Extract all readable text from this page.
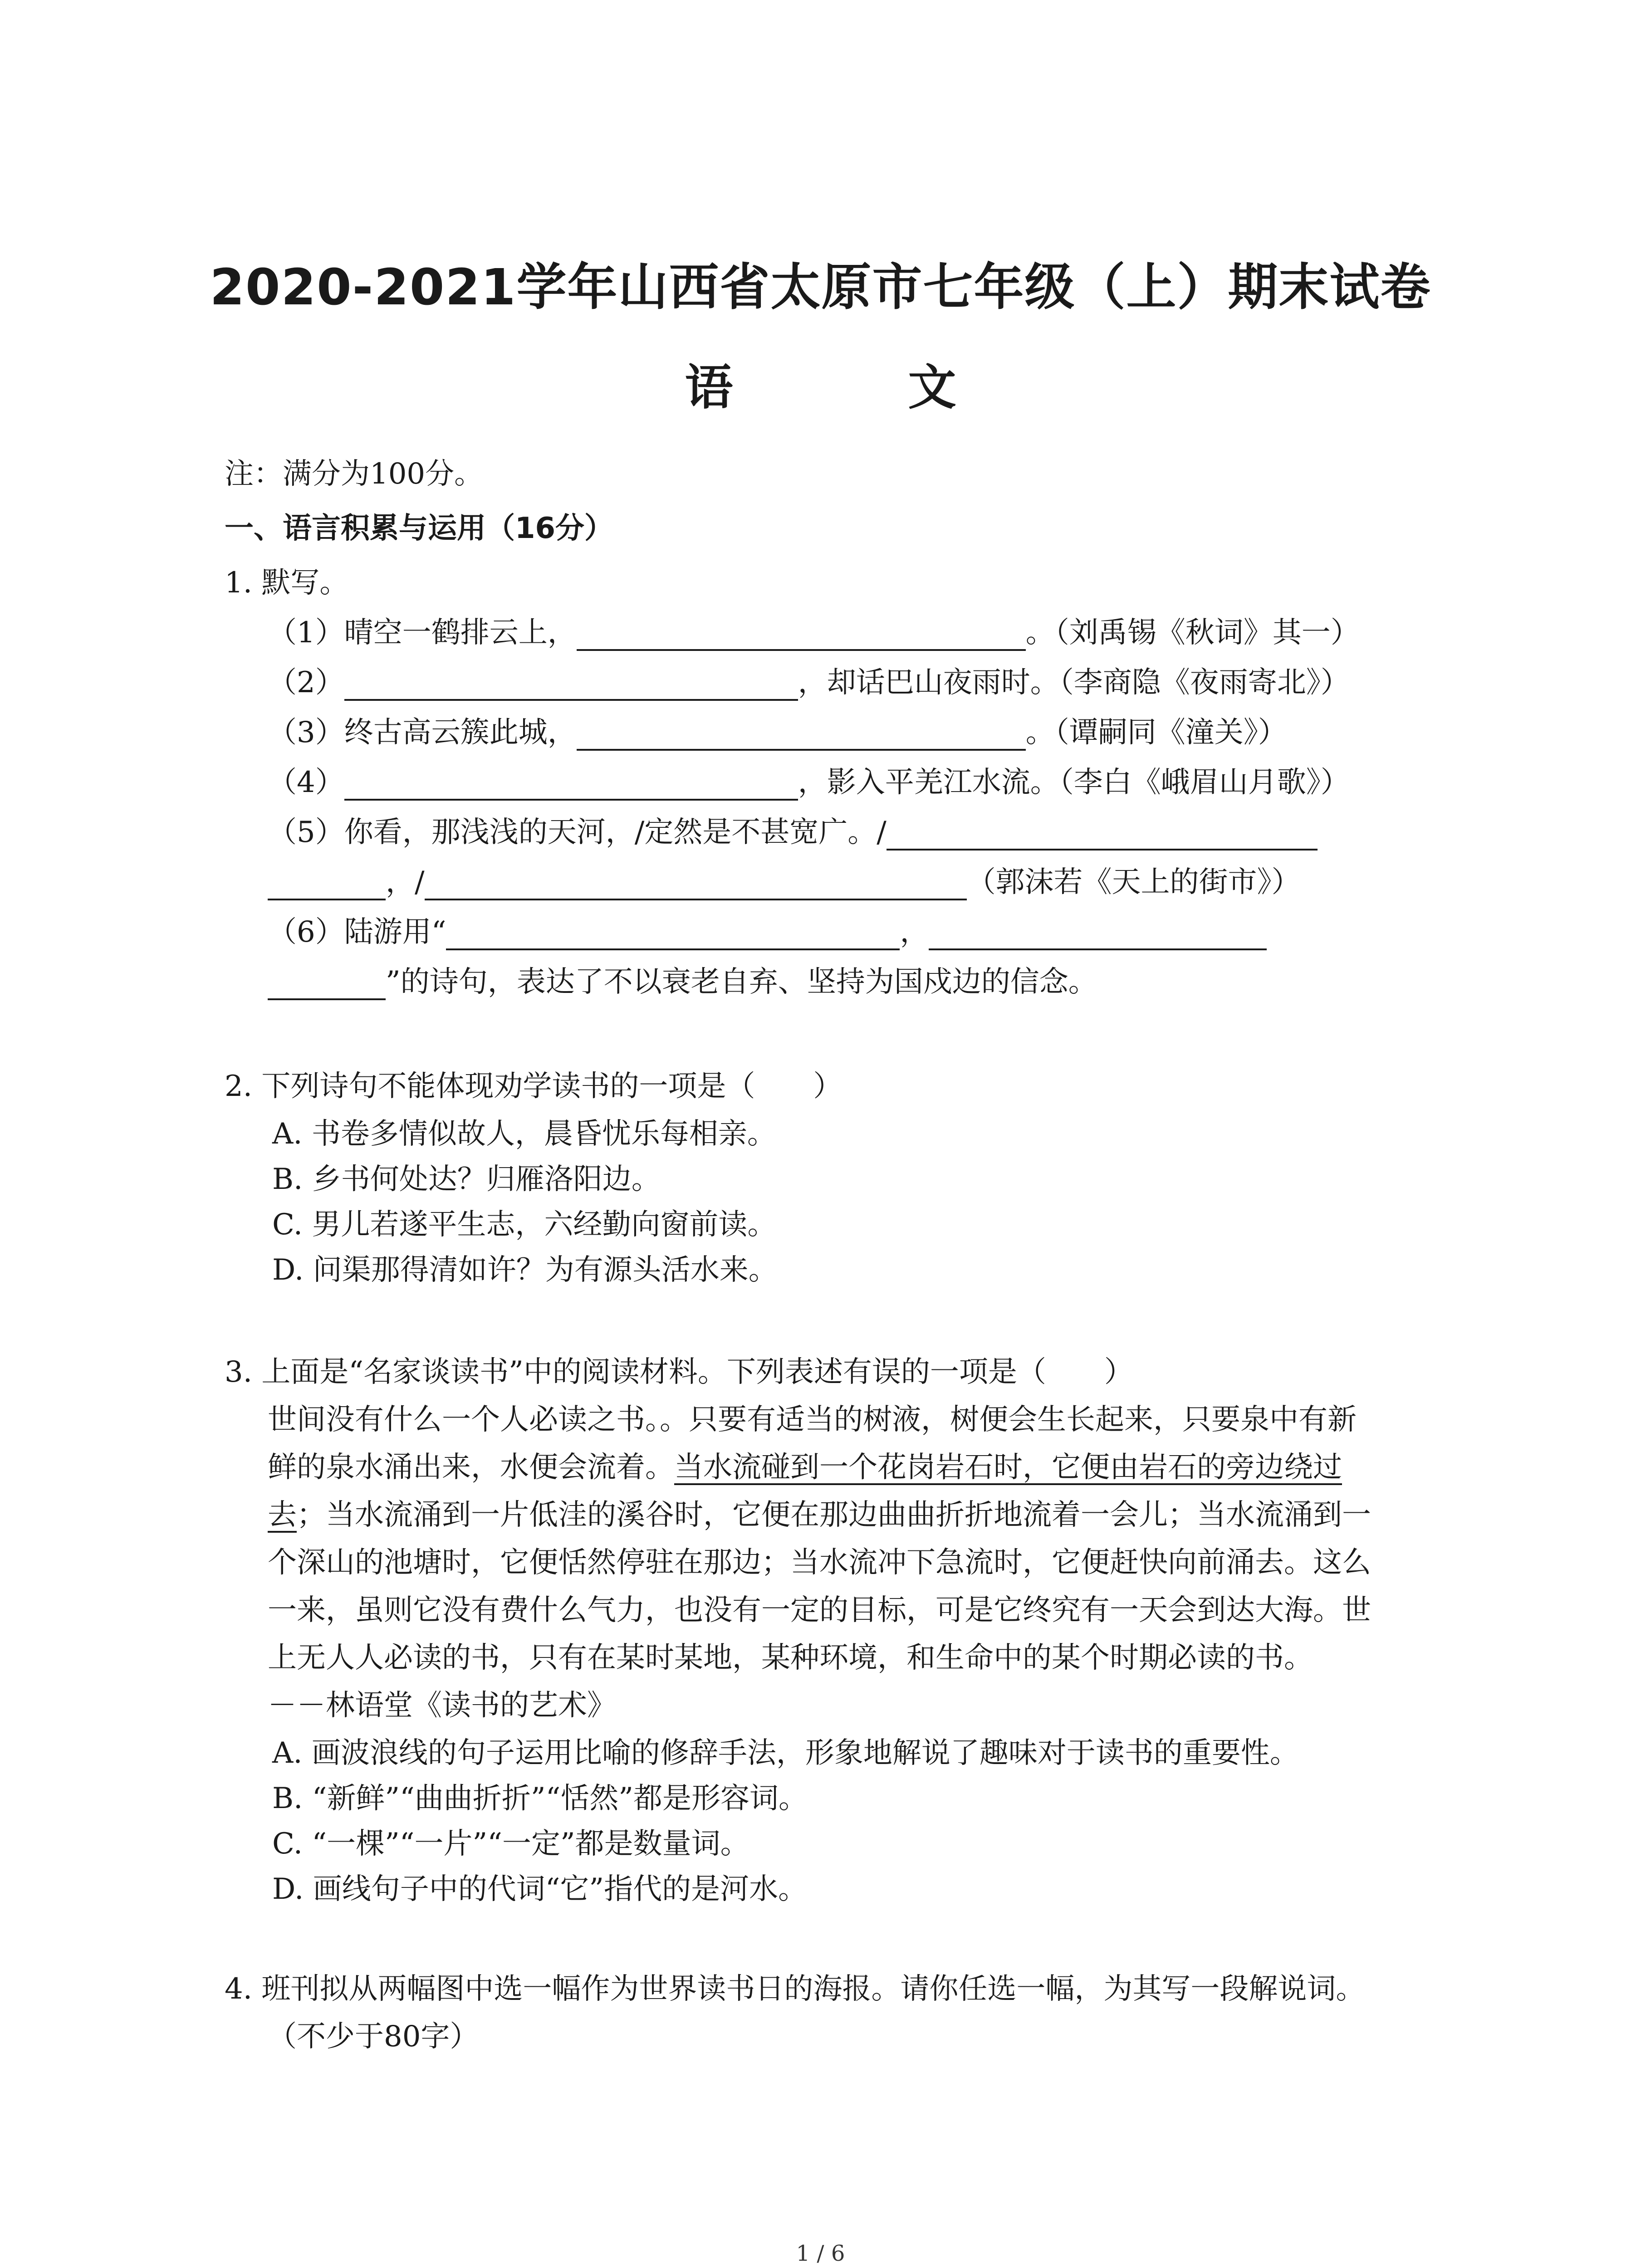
2020-2021学年山西省太原市七年级（上）期末试卷
语　文
注：满分为100分。
一、语言积累与运用（16分）
1. 默写。
（1）晴空一鹤排云上，	。（刘禹锡《秋词》其一）
（2）	，却话巴山夜雨时。（李商隐《夜雨寄北》）
（3）终古高云簇此城，	。（谭嗣同《潼关》）
（4）	，影入平羌江水流。（李白《峨眉山月歌》）
（5）你看，那浅浅的天河，/定然是不甚宽广。/
，/	（郭沫若《天上的街市》）
（6）陆游用“	，
”的诗句，表达了不以衰老自弃、坚持为国戍边的信念。
2. 下列诗句不能体现劝学读书的一项是（　　）
A. 书卷多情似故人，晨昏忧乐每相亲。
B. 乡书何处达？归雁洛阳边。
C. 男儿若遂平生志，六经勤向窗前读。
D. 问渠那得清如许？为有源头活水来。
3. 上面是“名家谈读书”中的阅读材料。下列表述有误的一项是（　　）
世间没有什么一个人必读之书。。只要有适当的树液，树便会生长起来，只要泉中有新
鲜的泉水涌出来，水便会流着。当水流碰到一个花岗岩石时，它便由岩石的旁边绕过
去；当水流涌到一片低洼的溪谷时，它便在那边曲曲折折地流着一会儿；当水流涌到一
个深山的池塘时，它便恬然停驻在那边；当水流冲下急流时，它便赶快向前涌去。这么
一来，虽则它没有费什么气力，也没有一定的目标，可是它终究有一天会到达大海。世
上无人人必读的书，只有在某时某地，某种环境，和生命中的某个时期必读的书。
－－林语堂《读书的艺术》
A. 画波浪线的句子运用比喻的修辞手法，形象地解说了趣味对于读书的重要性。
B. “新鲜”“曲曲折折”“恬然”都是形容词。
C. “一棵”“一片”“一定”都是数量词。
D. 画线句子中的代词“它”指代的是河水。
4. 班刊拟从两幅图中选一幅作为世界读书日的海报。请你任选一幅，为其写一段解说词。
（不少于80字）
1 / 6
